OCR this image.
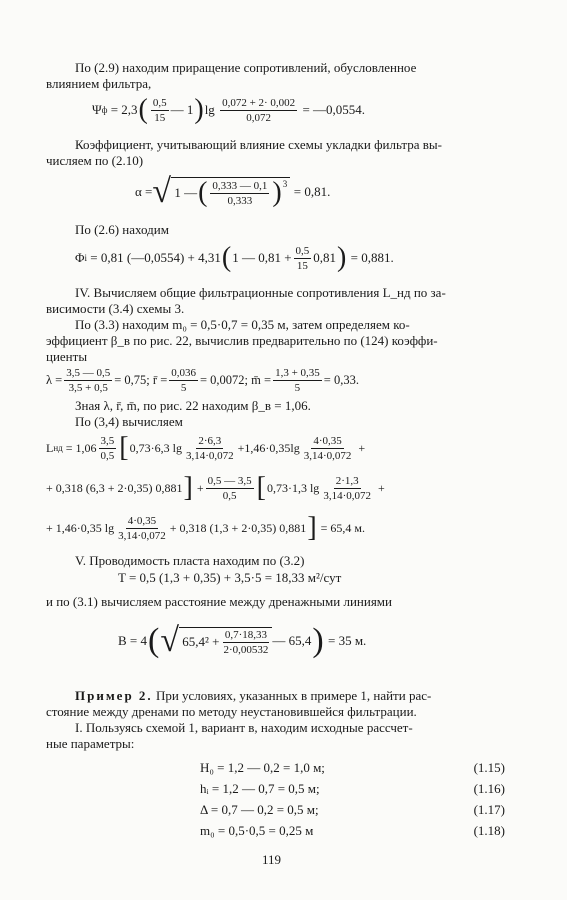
По (2.9) находим приращение сопротивлений, обусловленное
влиянием фильтра,
Ψ ф
= 2,3 ( 0,5
15
— 1 ) lg
$\frac{0,072 + 2\cdot 0,002}{0,072}$
= —0,0554.
Коэффициент, учитывающий влияние схемы укладки фильтра вы-
числяем по (2.10)
α = √
1 — ( 0,333 — 0,1
0,333 )$^3$

= 0,81.
По (2.6) находим
Φ i
= 0,81 (—0,0554) + 4,31 ( 1 — $0,81 + \frac{0,5}{15} 0,81$ )
= 0,881.
IV. Вычисляем общие фильтрационные сопротивления L_нд по за-
висимости (3.4) схемы 3.
По (3.3) находим m₀ = 0,5·0,7 = 0,35 м, затем определяем ко-
эффициент β_в по рис. 22, вычислив предварительно по (124) коэффи-
циенты
$\lambda = \frac{3,5 — 0,5}{3,5 + 0,5} = 0,75$;
r̄ = $\frac{0,036}{5} = 0,0072$;
m̄ = $\frac{1,3 + 0,35}{5} = 0,33$.
Зная λ, r̄, m̄, по рис. 22 находим β_в = 1,06.
По (3,4) вычисляем
L нд
= 1,06 3,5
0,5 [ 0,73·6,3 lg 2·6,3
3,14·0,072
+1,46·0,35lg 4·0,35
3,14·0,072

+
+ 0,318 (6,3 + 2·0,35) 0,881 ]
+ $\frac{0,5 — 3,5}{0,5}$ [ 0,73·1,3 lg 2·1,3
3,14·0,072

+
+ 1,46·0,35 lg 4·0,35
3,14·0,072
+ 0,318 (1,3 + 2·0,35) 0,881 ]
= 65,4 м.
V. Проводимость пласта находим по (3.2)
T = 0,5 (1,3 + 0,35) + 3,5·5 = 18,33 м²/сут
и по (3.1) вычисляем расстояние между дренажными линиями
B = 4 ( √
$65,4^2 + \frac{0,7\cdot 18,33}{2\cdot 0,00532}$ — 65,4 )
= 35 м.
Пример 2. При условиях, указанных в примере 1, найти рас-
стояние между дренами по методу неустановившейся фильтрации.
I. Пользуясь схемой 1, вариант в, находим исходные рассчет-
ные параметры:
H₀ = 1,2 — 0,2 = 1,0 м;	(1.15)
hᵢ = 1,2 — 0,7 = 0,5 м;	(1.16)
Δ = 0,7 — 0,2 = 0,5 м;	(1.17)
m₀ = 0,5·0,5 = 0,25 м	(1.18)
119
